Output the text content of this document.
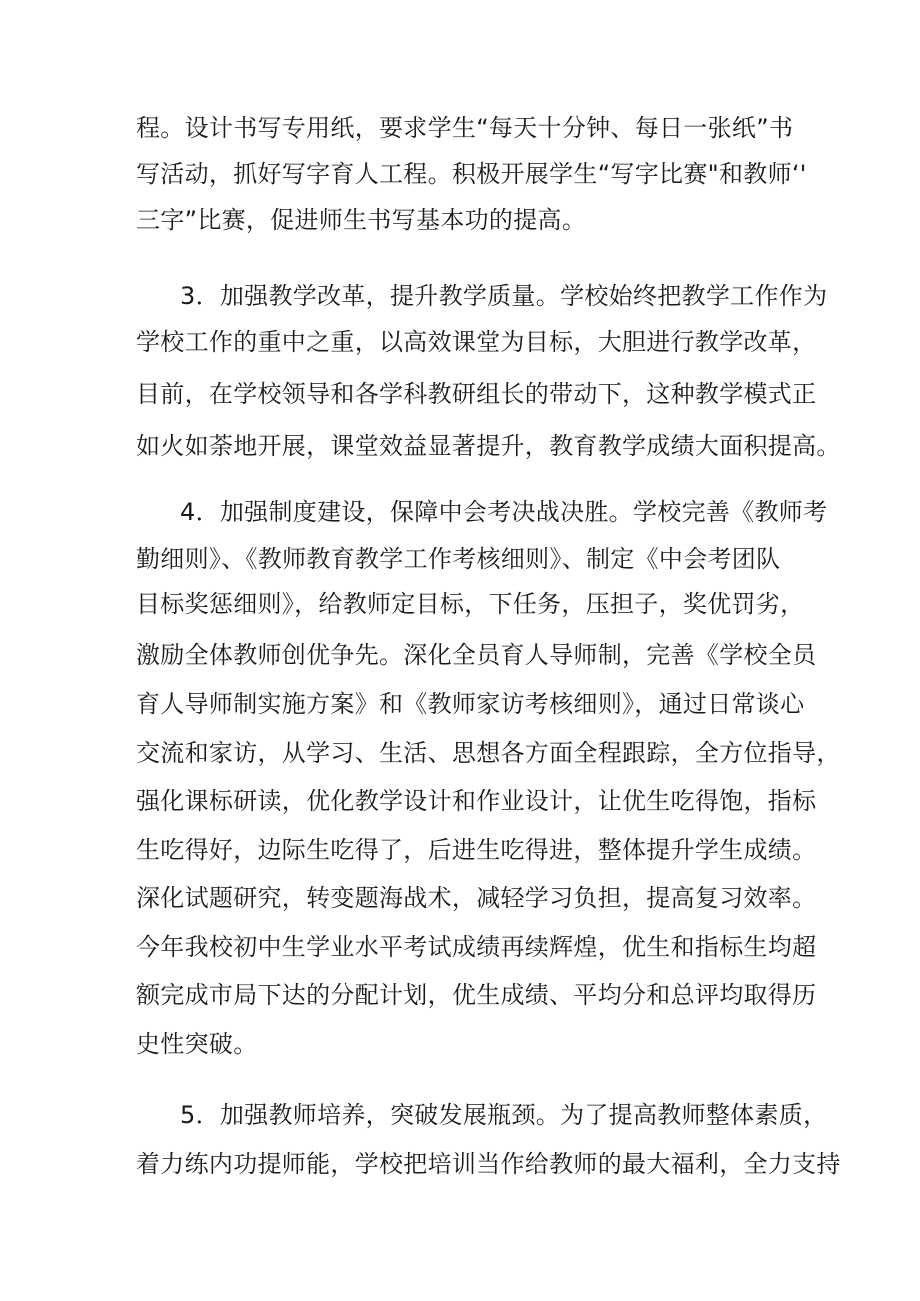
程。设计书写专用纸，要求学生“每天十分钟、每日一张纸”书

写活动，抓好写字育人工程。积极开展学生“写字比赛"和教师‘'

三字”比赛，促进师生书写基本功的提高。

3．加强教学改革，提升教学质量。学校始终把教学工作作为

学校工作的重中之重，以高效课堂为目标，大胆进行教学改革，

目前，在学校领导和各学科教研组长的带动下，这种教学模式正

如火如荼地开展，课堂效益显著提升，教育教学成绩大面积提高。

4．加强制度建设，保障中会考决战决胜。学校完善《教师考

勤细则》、《教师教育教学工作考核细则》、制定《中会考团队

目标奖惩细则》，给教师定目标，下任务，压担子，奖优罚劣，

激励全体教师创优争先。深化全员育人导师制，完善《学校全员

育人导师制实施方案》和《教师家访考核细则》，通过日常谈心

交流和家访，从学习、生活、思想各方面全程跟踪，全方位指导，

强化课标研读，优化教学设计和作业设计，让优生吃得饱，指标

生吃得好，边际生吃得了，后进生吃得进，整体提升学生成绩。

深化试题研究，转变题海战术，减轻学习负担，提高复习效率。

今年我校初中生学业水平考试成绩再续辉煌，优生和指标生均超

额完成市局下达的分配计划，优生成绩、平均分和总评均取得历

史性突破。

5．加强教师培养，突破发展瓶颈。为了提高教师整体素质，

着力练内功提师能，学校把培训当作给教师的最大福利，全力支持
